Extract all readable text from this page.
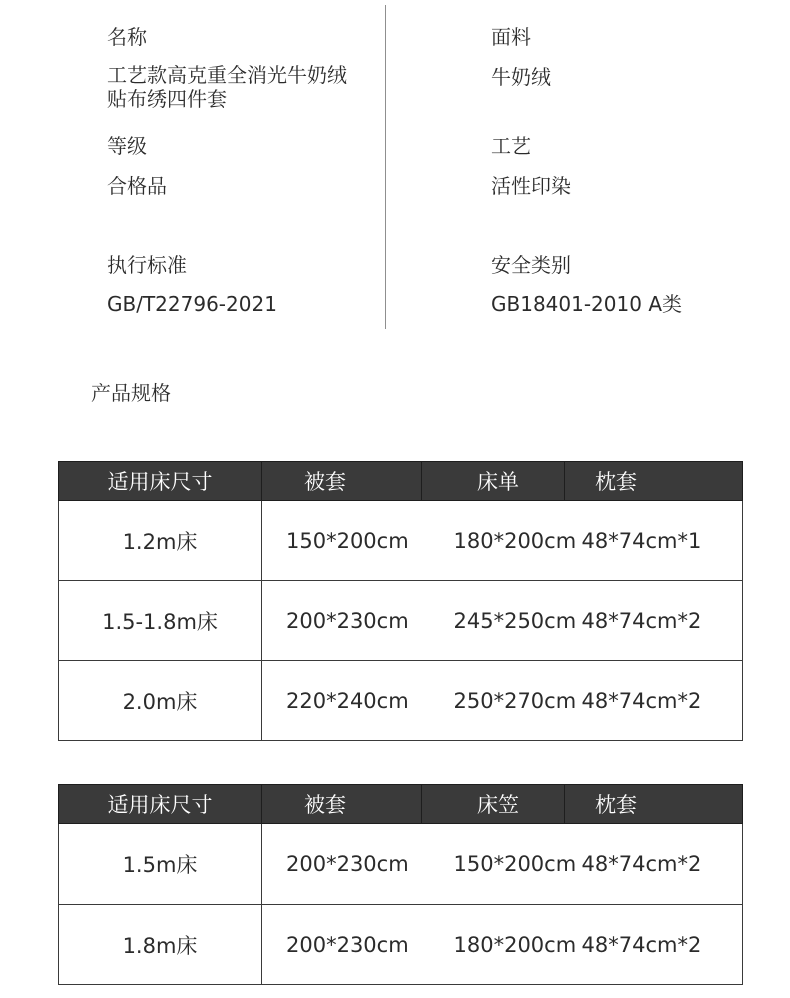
名称

工艺款高克重全消光牛奶绒

贴布绣四件套

面料

牛奶绒

等级

合格品

工艺

活性印染

执行标准

GB/T22796-2021

安全类别

GB18401-2010 A类

产品规格

适用床尺寸	被套	床单	枕套
1.2m床	150*200cm	180*200cm	48*74cm*1
1.5-1.8m床	200*230cm	245*250cm	48*74cm*2
2.0m床	220*240cm	250*270cm	48*74cm*2
适用床尺寸	被套	床笠	枕套
1.5m床	200*230cm	150*200cm	48*74cm*2
1.8m床	200*230cm	180*200cm	48*74cm*2
